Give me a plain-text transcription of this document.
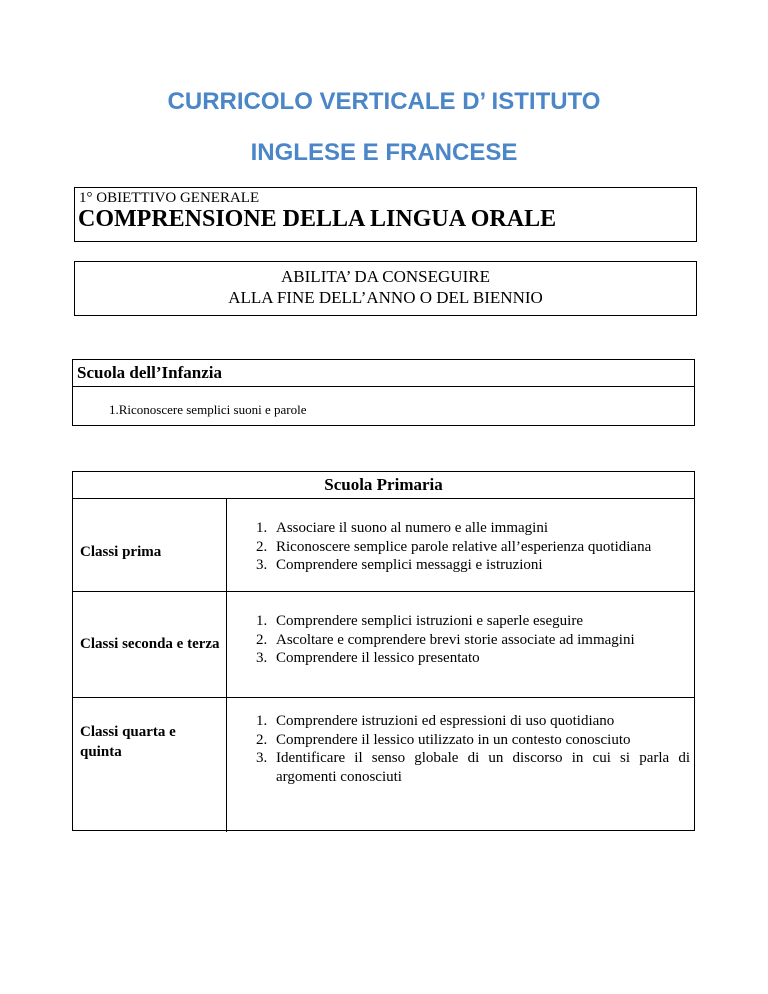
CURRICOLO VERTICALE D’ ISTITUTO
INGLESE E FRANCESE
1° OBIETTIVO GENERALE
COMPRENSIONE DELLA LINGUA ORALE
ABILITA’ DA CONSEGUIRE
ALLA FINE DELL’ANNO O DEL BIENNIO
Scuola dell’Infanzia
1.Riconoscere semplici suoni e parole
Scuola Primaria
Classi prima
1. Associare il suono al numero e alle immagini
2. Riconoscere semplice parole relative all’esperienza quotidiana
3. Comprendere semplici messaggi e istruzioni
Classi seconda e terza
1. Comprendere semplici istruzioni e saperle eseguire
2. Ascoltare e comprendere brevi storie associate ad immagini
3. Comprendere il lessico presentato
Classi quarta e quinta
1. Comprendere istruzioni ed espressioni di uso quotidiano
2. Comprendere il lessico utilizzato in un contesto conosciuto
3. Identificare il senso globale di un discorso in cui si parla di argomenti conosciuti
